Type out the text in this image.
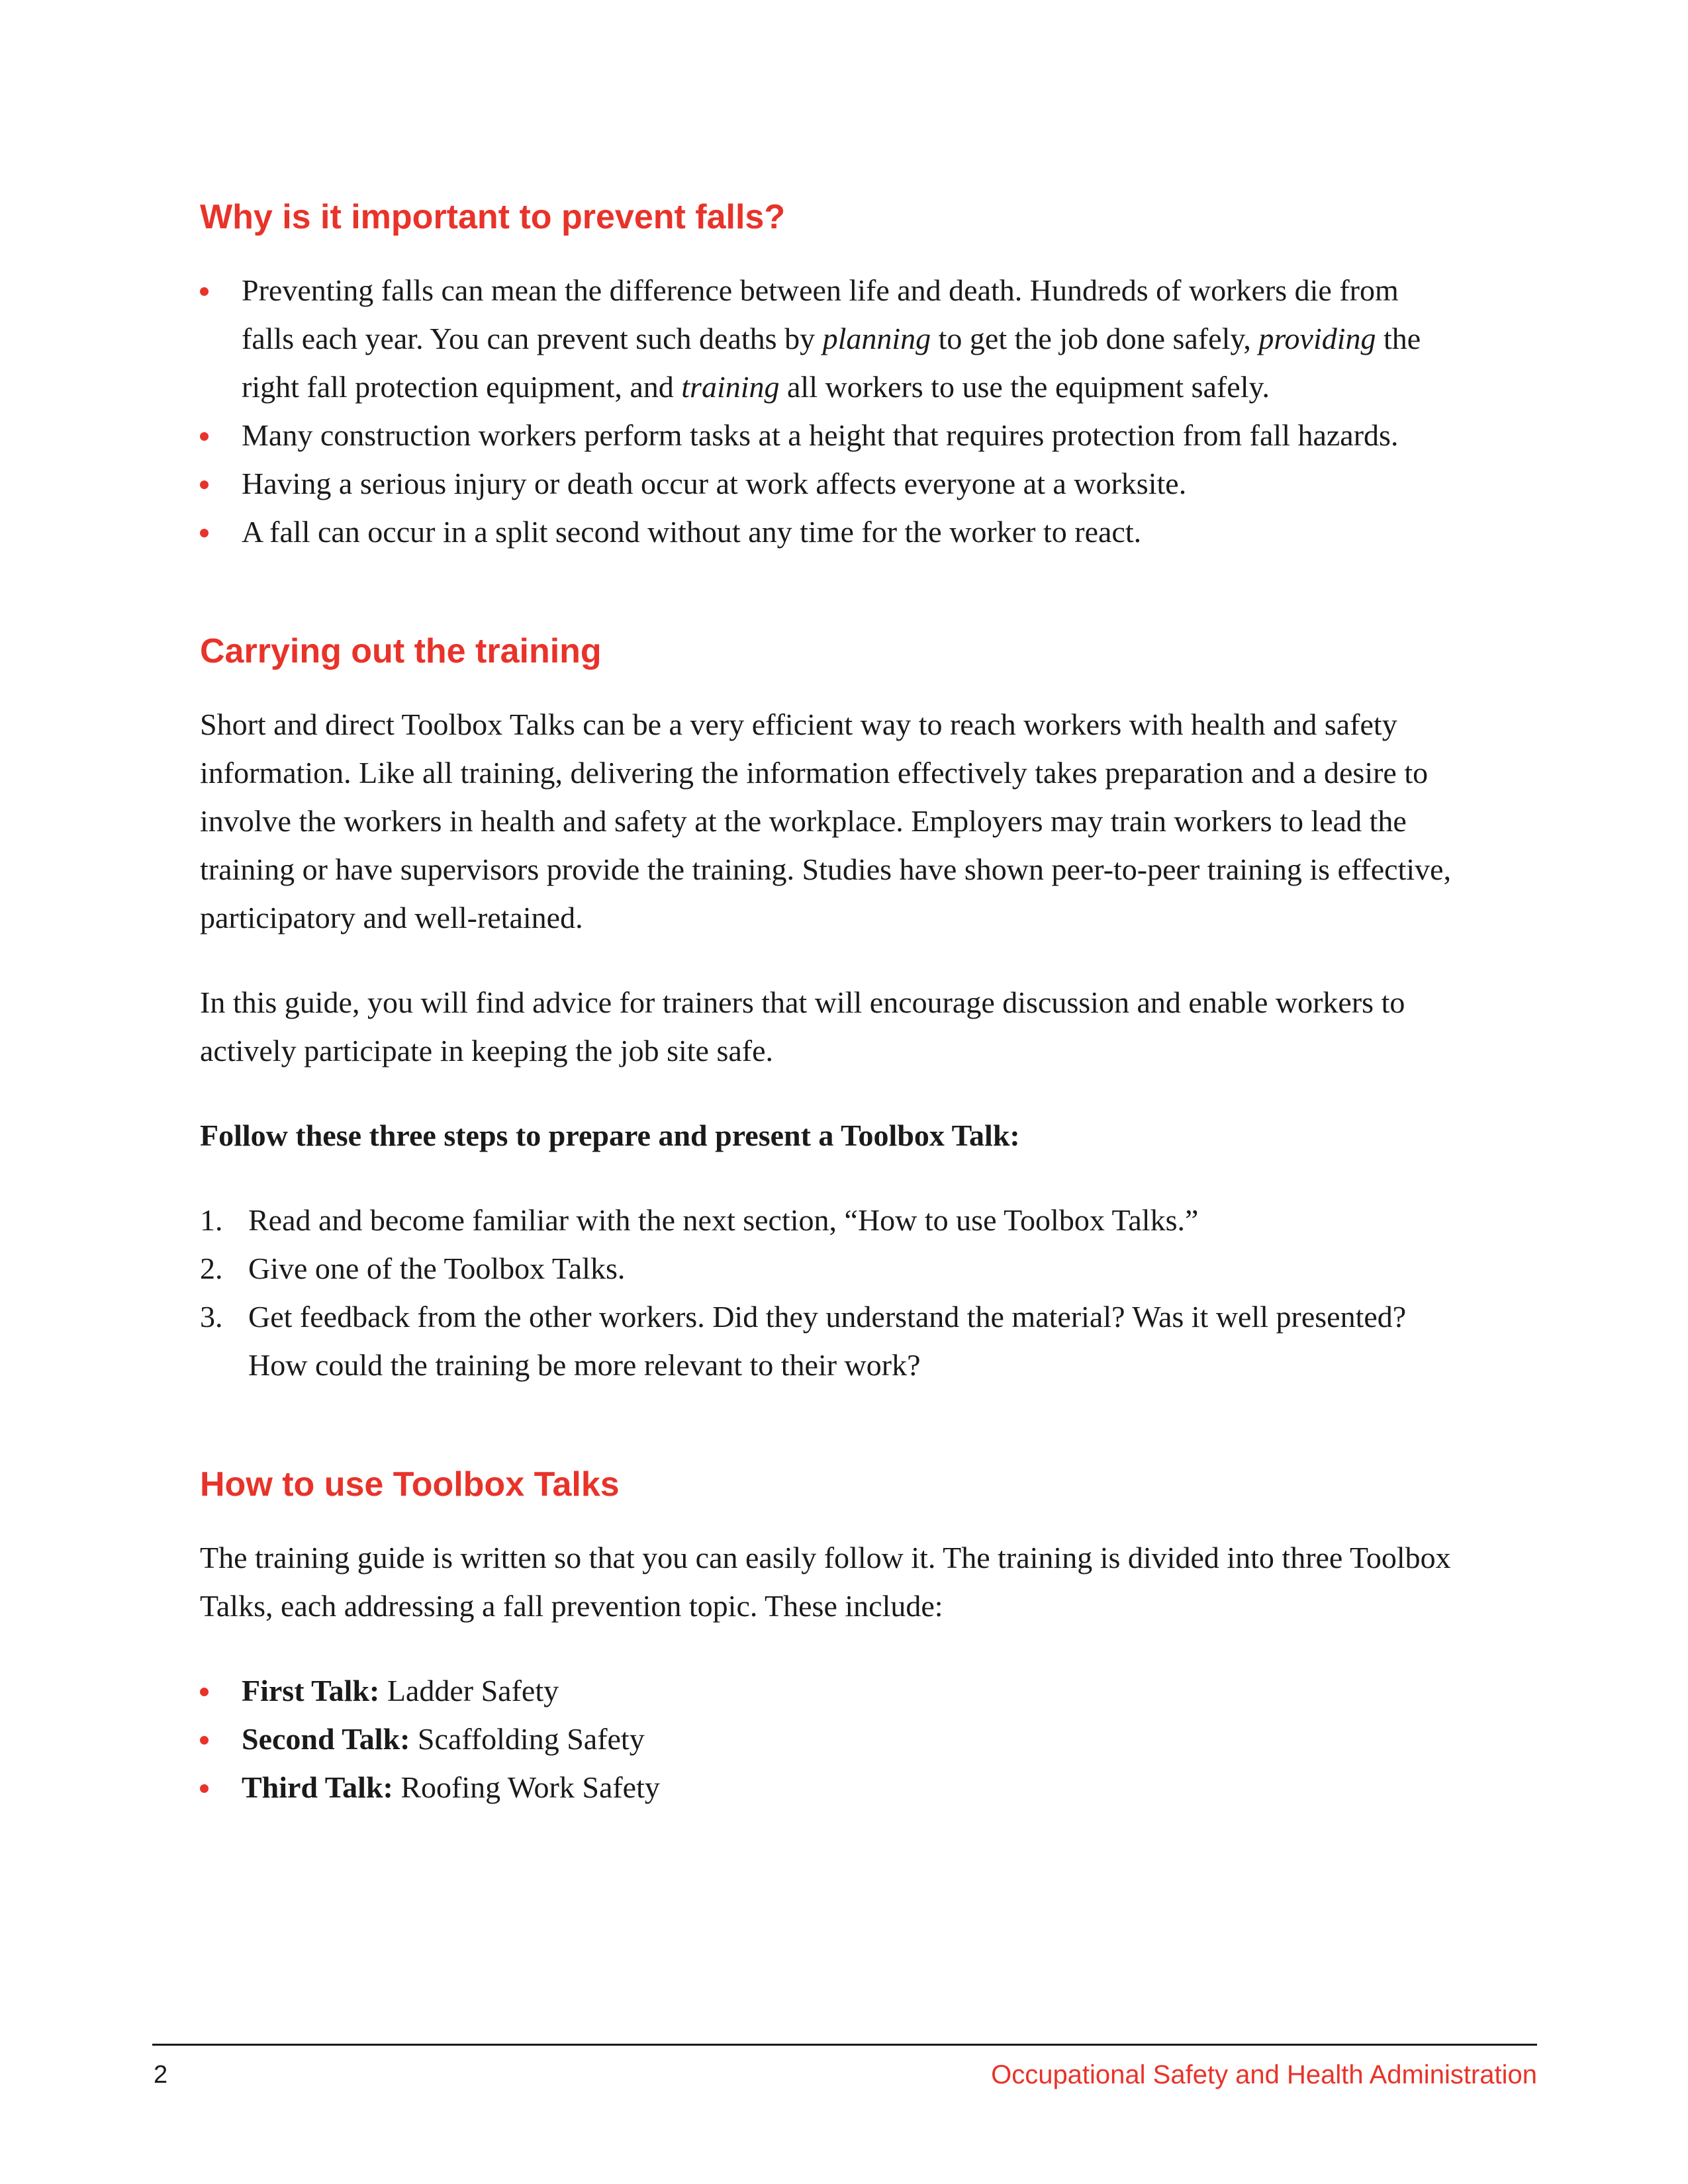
Why is it important to prevent falls?
Preventing falls can mean the difference between life and death. Hundreds of workers die from falls each year. You can prevent such deaths by planning to get the job done safely, providing the right fall protection equipment, and training all workers to use the equipment safely.
Many construction workers perform tasks at a height that requires protection from fall hazards.
Having a serious injury or death occur at work affects everyone at a worksite.
A fall can occur in a split second without any time for the worker to react.
Carrying out the training

Short and direct Toolbox Talks can be a very efficient way to reach workers with health and safety information. Like all training, delivering the information effectively takes preparation and a desire to involve the workers in health and safety at the workplace. Employers may train workers to lead the training or have supervisors provide the training. Studies have shown peer-to-peer training is effective, participatory and well-retained.

In this guide, you will find advice for trainers that will encourage discussion and enable workers to actively participate in keeping the job site safe.

Follow these three steps to prepare and present a Toolbox Talk:

1. Read and become familiar with the next section, “How to use Toolbox Talks.”
2. Give one of the Toolbox Talks.
3. Get feedback from the other workers. Did they understand the material? Was it well presented? How could the training be more relevant to their work?
How to use Toolbox Talks

The training guide is written so that you can easily follow it. The training is divided into three Toolbox Talks, each addressing a fall prevention topic. These include:

First Talk: Ladder Safety
Second Talk: Scaffolding Safety
Third Talk: Roofing Work Safety
2	Occupational Safety and Health Administration
